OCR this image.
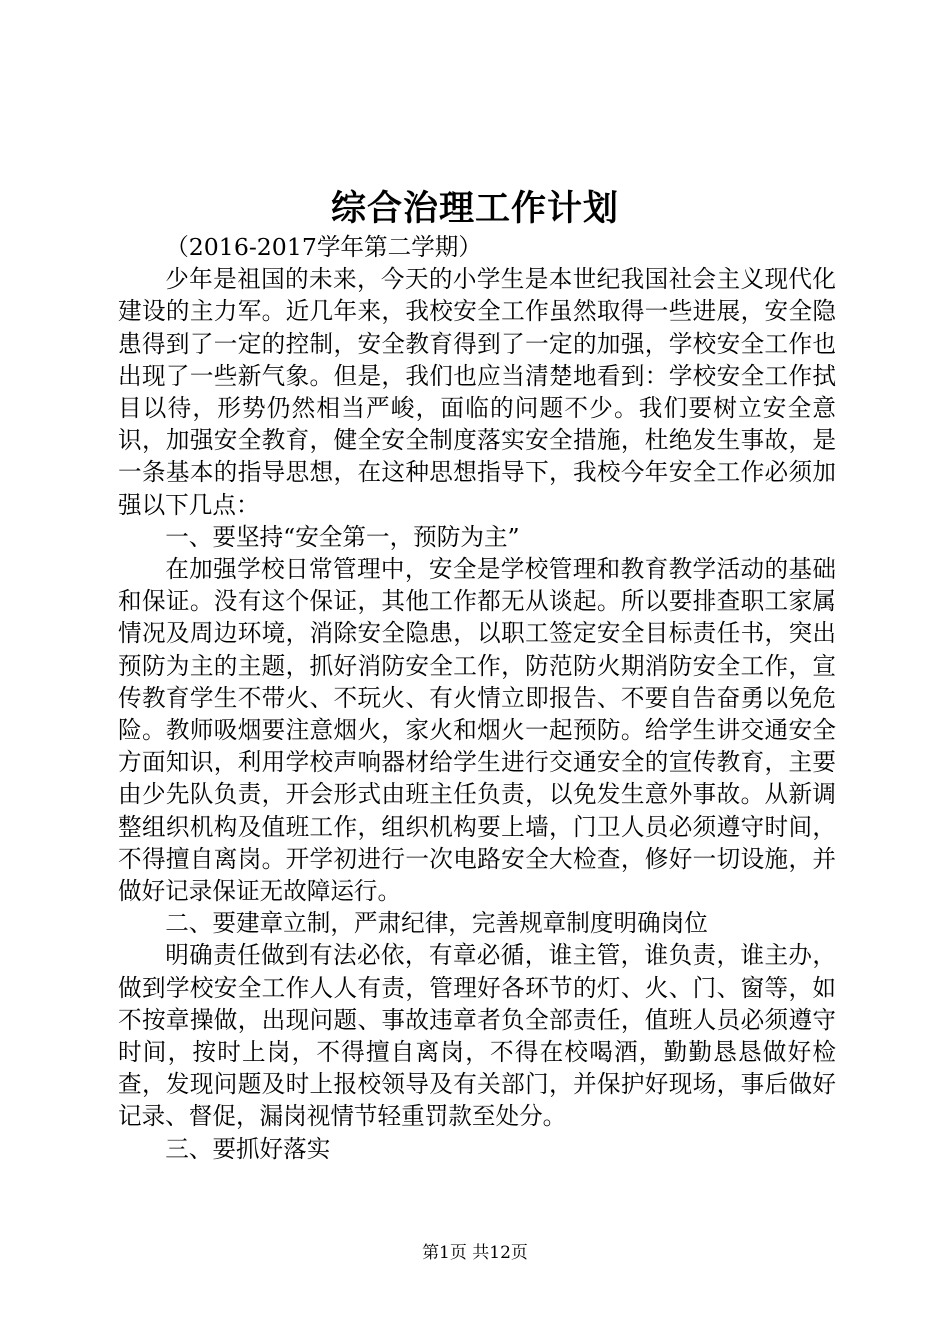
综合治理工作计划

（2016-2017学年第二学期）

少年是祖国的未来，今天的小学生是本世纪我国社会主义现代化建设的主力军。近几年来，我校安全工作虽然取得一些进展，安全隐患得到了一定的控制，安全教育得到了一定的加强，学校安全工作也出现了一些新气象。但是，我们也应当清楚地看到：学校安全工作拭目以待，形势仍然相当严峻，面临的问题不少。我们要树立安全意识，加强安全教育，健全安全制度落实安全措施，杜绝发生事故，是一条基本的指导思想，在这种思想指导下，我校今年安全工作必须加强以下几点：

一、要坚持“安全第一，预防为主”

在加强学校日常管理中，安全是学校管理和教育教学活动的基础和保证。没有这个保证，其他工作都无从谈起。所以要排查职工家属情况及周边环境，消除安全隐患，以职工签定安全目标责任书，突出预防为主的主题，抓好消防安全工作，防范防火期消防安全工作，宣传教育学生不带火、不玩火、有火情立即报告、不要自告奋勇以免危险。教师吸烟要注意烟火，家火和烟火一起预防。给学生讲交通安全方面知识，利用学校声响器材给学生进行交通安全的宣传教育，主要由少先队负责，开会形式由班主任负责，以免发生意外事故。从新调整组织机构及值班工作，组织机构要上墙，门卫人员必须遵守时间，不得擅自离岗。开学初进行一次电路安全大检查，修好一切设施，并做好记录保证无故障运行。

二、要建章立制，严肃纪律，完善规章制度明确岗位

明确责任做到有法必依，有章必循，谁主管，谁负责，谁主办，做到学校安全工作人人有责，管理好各环节的灯、火、门、窗等，如不按章操做，出现问题、事故违章者负全部责任，值班人员必须遵守时间，按时上岗，不得擅自离岗，不得在校喝酒，勤勤恳恳做好检查，发现问题及时上报校领导及有关部门，并保护好现场，事后做好记录、督促，漏岗视情节轻重罚款至处分。

三、要抓好落实

第1页 共12页
